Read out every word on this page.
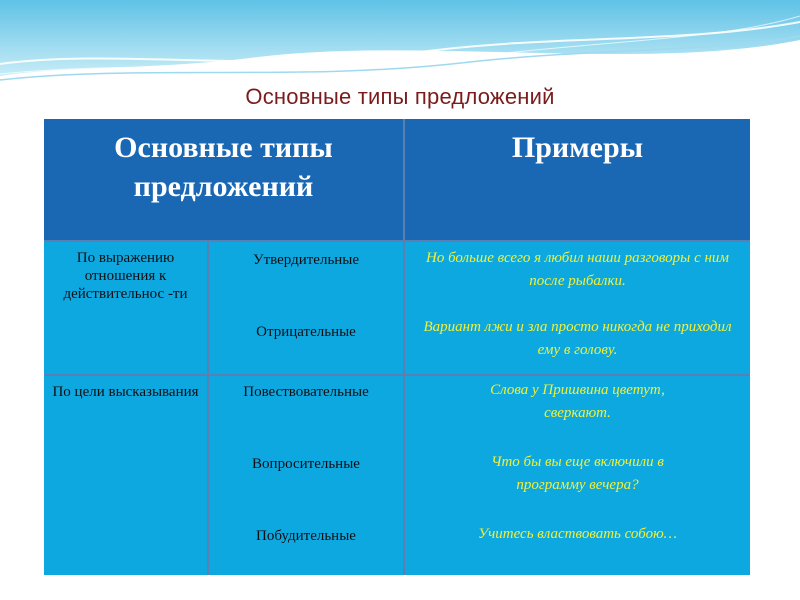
Основные типы предложений
Основные типы предложений
Примеры
По выражению отношения к действительнос -ти
Утвердительные
Отрицательные
Но больше всего я любил наши разговоры с ним после рыбалки.
Вариант лжи и зла просто никогда не приходил ему в голову.
По цели высказывания	Повествовательные
Вопросительные
Побудительные
Слова у Пришвина цветут, сверкают.
Что бы вы еще включили в программу вечера?
Учитесь властвовать собою…
